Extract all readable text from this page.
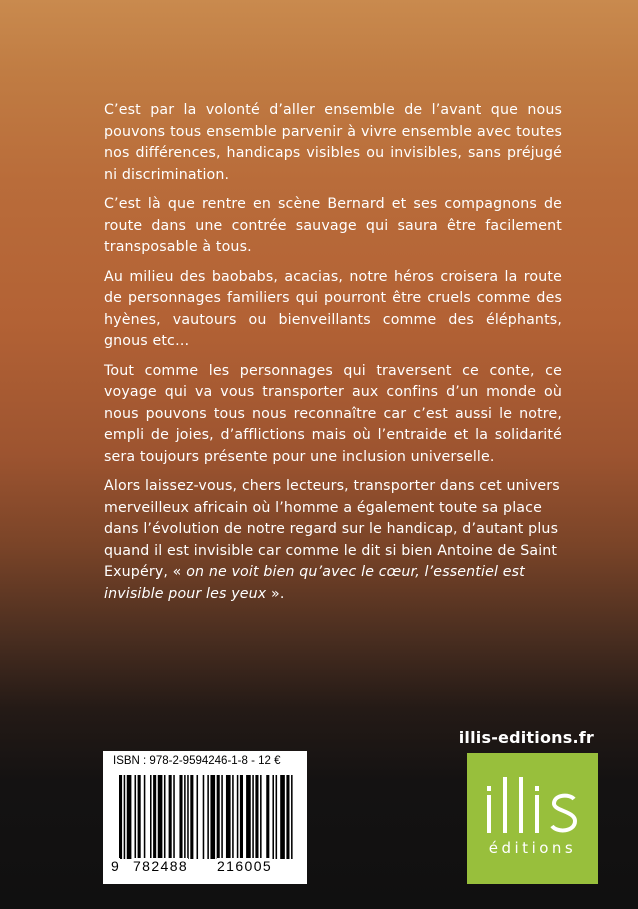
C’est par la volonté d’aller ensemble de l’avant que nous pouvons tous ensemble parvenir à vivre ensemble avec toutes nos différences, handicaps visibles ou invisibles, sans préjugé ni discrimination.

C’est là que rentre en scène Bernard et ses compagnons de route dans une contrée sauvage qui saura être facilement transposable à tous.

Au milieu des baobabs, acacias, notre héros croisera la route de personnages familiers qui pourront être cruels comme des hyènes, vautours ou bienveillants comme des éléphants, gnous etc…

Tout comme les personnages qui traversent ce conte, ce voyage qui va vous transporter aux confins d’un monde où nous pouvons tous nous reconnaître car c’est aussi le notre, empli de joies, d’afflictions mais où l’entraide et la solidarité sera toujours présente pour une inclusion universelle.

Alors laissez-vous, chers lecteurs, transporter dans cet univers merveilleux africain où l’homme a également toute sa place dans l’évolution de notre regard sur le handicap, d’autant plus quand il est invisible car comme le dit si bien Antoine de Saint Exupéry, « on ne voit bien qu’avec le cœur, l’essentiel est invisible pour les yeux ».

illis-editions.fr
ISBN : 978-2-9594246-1-8 - 12 €
9 782488 216005
éditions
